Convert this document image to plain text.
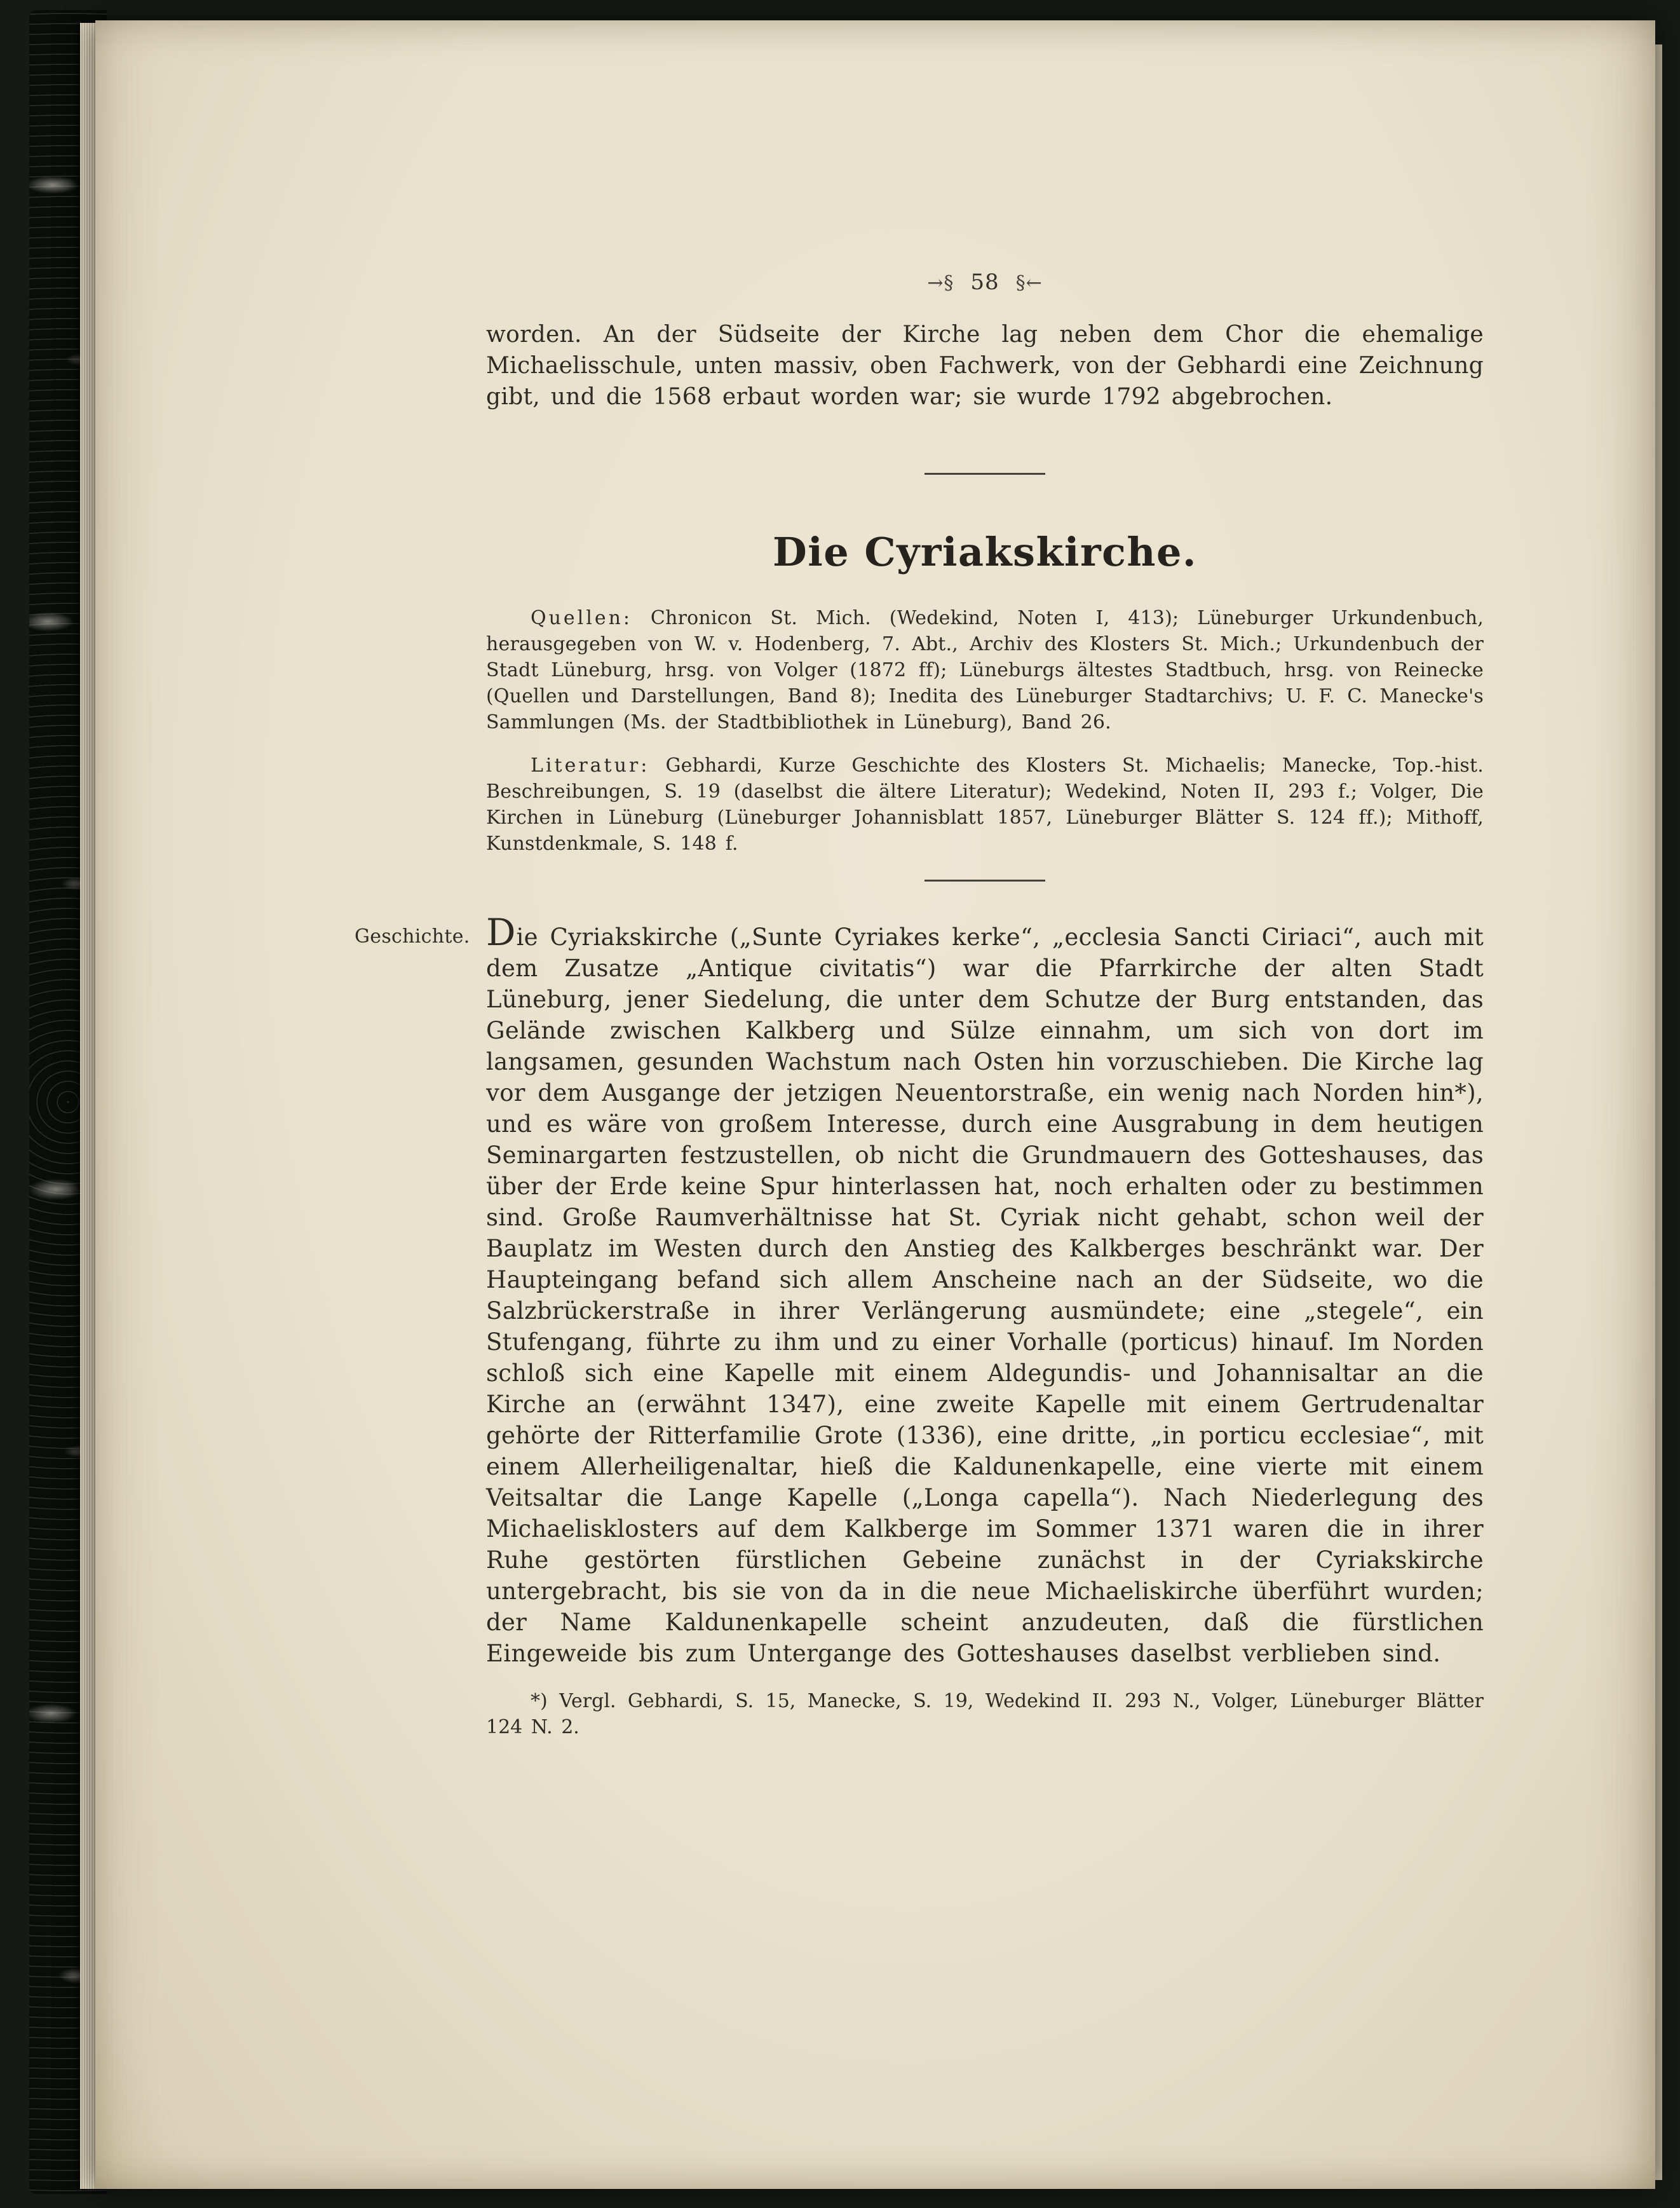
→§ 58 §←

worden. An der Südseite der Kirche lag neben dem Chor die ehemalige Michaelisschule, unten massiv, oben Fachwerk, von der Gebhardi eine Zeichnung gibt, und die 1568 erbaut worden war; sie wurde 1792 abgebrochen.

Die Cyriakskirche.

Quellen: Chronicon St. Mich. (Wedekind, Noten I, 413); Lüneburger Urkundenbuch, herausgegeben von W. v. Hodenberg, 7. Abt., Archiv des Klosters St. Mich.; Urkundenbuch der Stadt Lüneburg, hrsg. von Volger (1872 ff); Lüneburgs ältestes Stadtbuch, hrsg. von Reinecke (Quellen und Darstellungen, Band 8); Inedita des Lüneburger Stadtarchivs; U. F. C. Manecke's Sammlungen (Ms. der Stadtbibliothek in Lüneburg), Band 26.

Literatur: Gebhardi, Kurze Geschichte des Klosters St. Michaelis; Manecke, Top.-hist. Beschreibungen, S. 19 (daselbst die ältere Literatur); Wedekind, Noten II, 293 f.; Volger, Die Kirchen in Lüneburg (Lüneburger Johannisblatt 1857, Lüneburger Blätter S. 124 ff.); Mithoff, Kunstdenkmale, S. 148 f.

Geschichte. Die Cyriakskirche („Sunte Cyriakes kerke“, „ecclesia Sancti Ciriaci“, auch mit dem Zusatze „Antique civitatis“) war die Pfarrkirche der alten Stadt Lüneburg, jener Siedelung, die unter dem Schutze der Burg entstanden, das Gelände zwischen Kalkberg und Sülze einnahm, um sich von dort im langsamen, gesunden Wachstum nach Osten hin vorzuschieben. Die Kirche lag vor dem Ausgange der jetzigen Neuentorstraße, ein wenig nach Norden hin*), und es wäre von großem Interesse, durch eine Ausgrabung in dem heutigen Seminargarten festzustellen, ob nicht die Grundmauern des Gotteshauses, das über der Erde keine Spur hinterlassen hat, noch erhalten oder zu bestimmen sind. Große Raumverhältnisse hat St. Cyriak nicht gehabt, schon weil der Bauplatz im Westen durch den Anstieg des Kalkberges beschränkt war. Der Haupteingang befand sich allem Anscheine nach an der Südseite, wo die Salzbrückerstraße in ihrer Verlängerung ausmündete; eine „stegele“, ein Stufengang, führte zu ihm und zu einer Vorhalle (porticus) hinauf. Im Norden schloß sich eine Kapelle mit einem Aldegundis- und Johannisaltar an die Kirche an (erwähnt 1347), eine zweite Kapelle mit einem Gertrudenaltar gehörte der Ritterfamilie Grote (1336), eine dritte, „in porticu ecclesiae“, mit einem Allerheiligenaltar, hieß die Kaldunenkapelle, eine vierte mit einem Veitsaltar die Lange Kapelle („Longa capella“). Nach Niederlegung des Michaelisklosters auf dem Kalkberge im Sommer 1371 waren die in ihrer Ruhe gestörten fürstlichen Gebeine zunächst in der Cyriakskirche untergebracht, bis sie von da in die neue Michaeliskirche überführt wurden; der Name Kaldunenkapelle scheint anzudeuten, daß die fürstlichen Eingeweide bis zum Untergange des Gotteshauses daselbst verblieben sind.

*) Vergl. Gebhardi, S. 15, Manecke, S. 19, Wedekind II. 293 N., Volger, Lüneburger Blätter 124 N. 2.
